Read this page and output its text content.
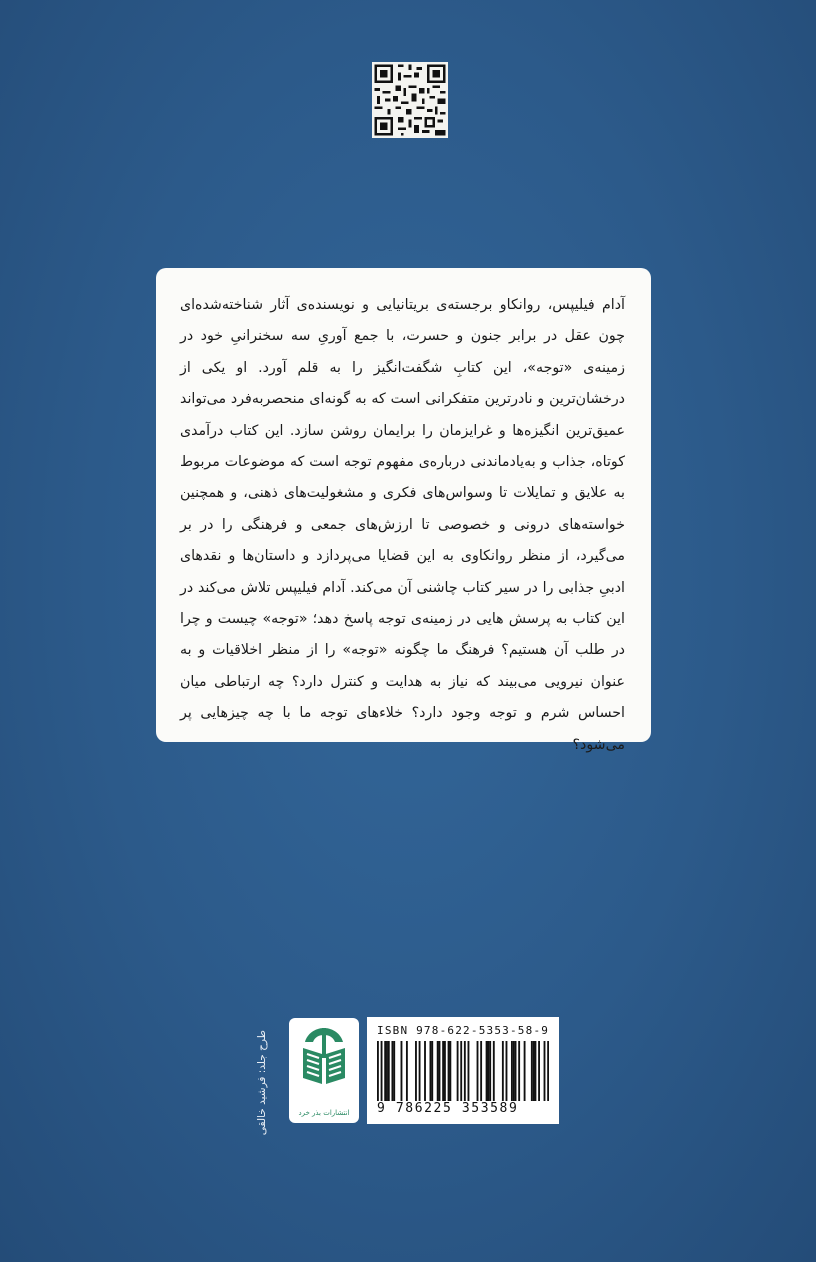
آدام فیلیپس، روانکاو برجسته‌ی بریتانیایی و نویسنده‌ی آثار شناخته‌شده‌ای چون عقل در برابر جنون و حسرت، با جمع آوریِ سه سخنرانیِ خود در زمینه‌ی «توجه»، این کتابِ شگفت‌انگیز را به قلم آورد. او یکی از درخشان‌ترین و نادرترین متفکرانی است که به گونه‌ای منحصربه‌فرد می‌تواند عمیق‌ترین انگیزه‌ها و غرایزمان را برایمان روشن سازد. این کتاب درآمدی کوتاه، جذاب و به‌یادماندنی درباره‌ی مفهوم توجه است که موضوعات مربوط به علایق و تمایلات تا وسواس‌های فکری و مشغولیت‌های ذهنی، و همچنین خواسته‌های درونی و خصوصی تا ارزش‌های جمعی و فرهنگی را در بر می‌گیرد، از منظر روانکاوی به این قضایا می‌پردازد و داستان‌ها و نقدهای ادبیِ جذابی را در سیر کتاب چاشنی آن می‌کند. آدام فیلیپس تلاش می‌کند در این کتاب به پرسش هایی در زمینه‌ی توجه پاسخ دهد؛ «توجه» چیست و چرا در طلب آن هستیم؟ فرهنگ ما چگونه «توجه» را از منظر اخلاقیات و به عنوان نیرویی می‌بیند که نیاز به هدایت و کنترل دارد؟ چه ارتباطی میان احساس شرم و توجه وجود دارد؟ خلاءهای توجه ما با چه چیزهایی پر می‌شود؟
طرح جلد: فرشید خالقی	انتشارات بذر خرد
ISBN 978-622-5353-58-9
9 786225 353589
